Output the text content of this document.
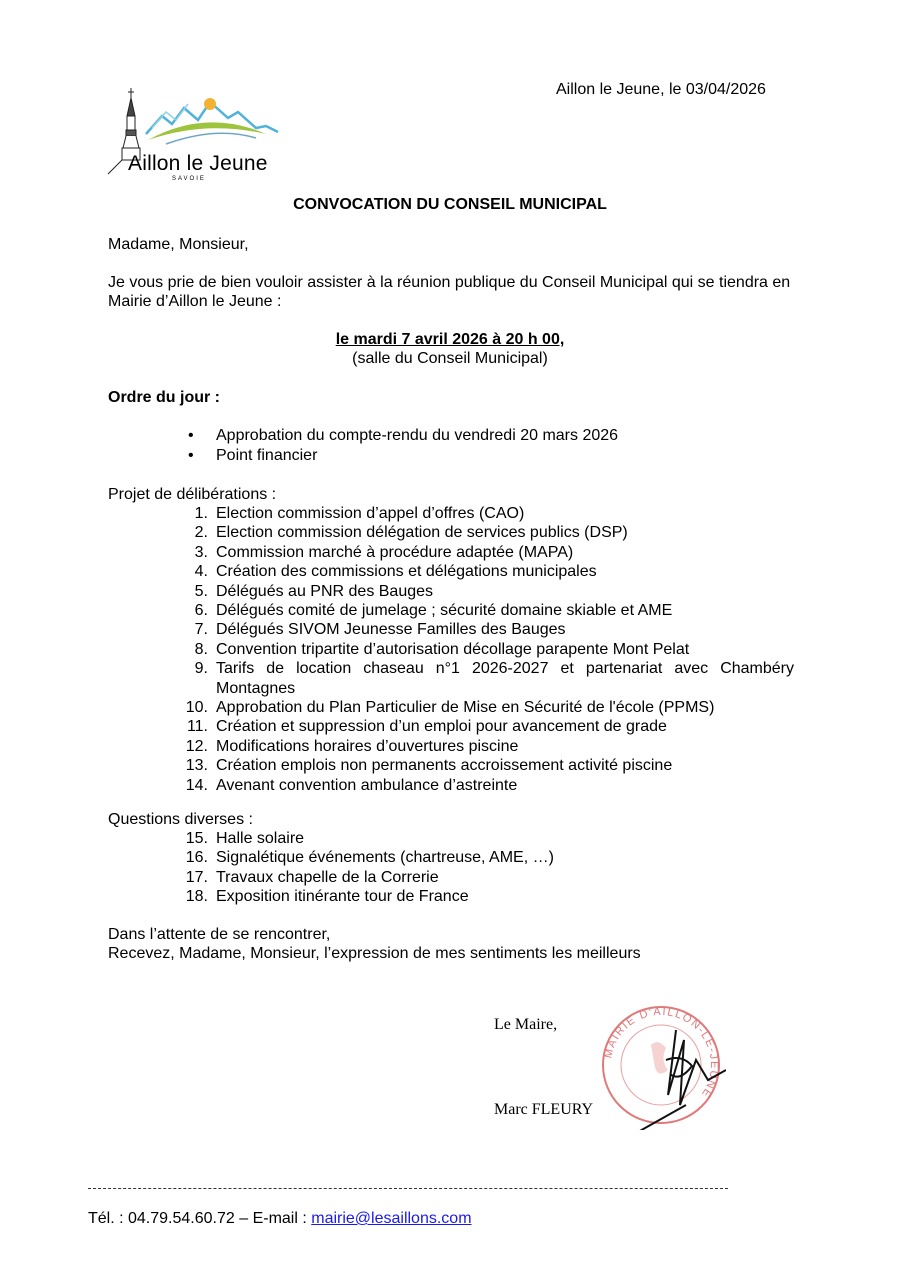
Aillon le Jeune
SAVOIE
Aillon le Jeune, le 03/04/2026
CONVOCATION DU CONSEIL MUNICIPAL
Madame, Monsieur,
Je vous prie de bien vouloir assister à la réunion publique du Conseil Municipal qui se tiendra en Mairie d’Aillon le Jeune :
le mardi 7 avril 2026 à 20 h 00,
(salle du Conseil Municipal)
Ordre du jour :
•	Approbation du compte-rendu du vendredi 20 mars 2026
•	Point financier
Projet de délibérations :
1. Election commission d’appel d’offres (CAO)
2. Election commission délégation de services publics (DSP)
3. Commission marché à procédure adaptée (MAPA)
4. Création des commissions et délégations municipales
5. Délégués au PNR des Bauges
6. Délégués comité de jumelage ; sécurité domaine skiable et AME
7. Délégués SIVOM Jeunesse Familles des Bauges
8. Convention tripartite d’autorisation décollage parapente Mont Pelat
9. Tarifs de location chaseau n°1 2026-2027 et partenariat avec Chambéry Montagnes
10. Approbation du Plan Particulier de Mise en Sécurité de l'école (PPMS)
11. Création et suppression d’un emploi pour avancement de grade
12. Modifications horaires d’ouvertures piscine
13. Création emplois non permanents accroissement activité piscine
14. Avenant convention ambulance d’astreinte
Questions diverses :
15. Halle solaire
16. Signalétique événements (chartreuse, AME, …)
17. Travaux chapelle de la Correrie
18. Exposition itinérante tour de France
Dans l’attente de se rencontrer,
Recevez, Madame, Monsieur, l’expression de mes sentiments les meilleurs
Le Maire,
Marc FLEURY
MAIRIE D'AILLON-LE-JEUNE
Tél. : 04.79.54.60.72 – E-mail : mairie@lesaillons.com
